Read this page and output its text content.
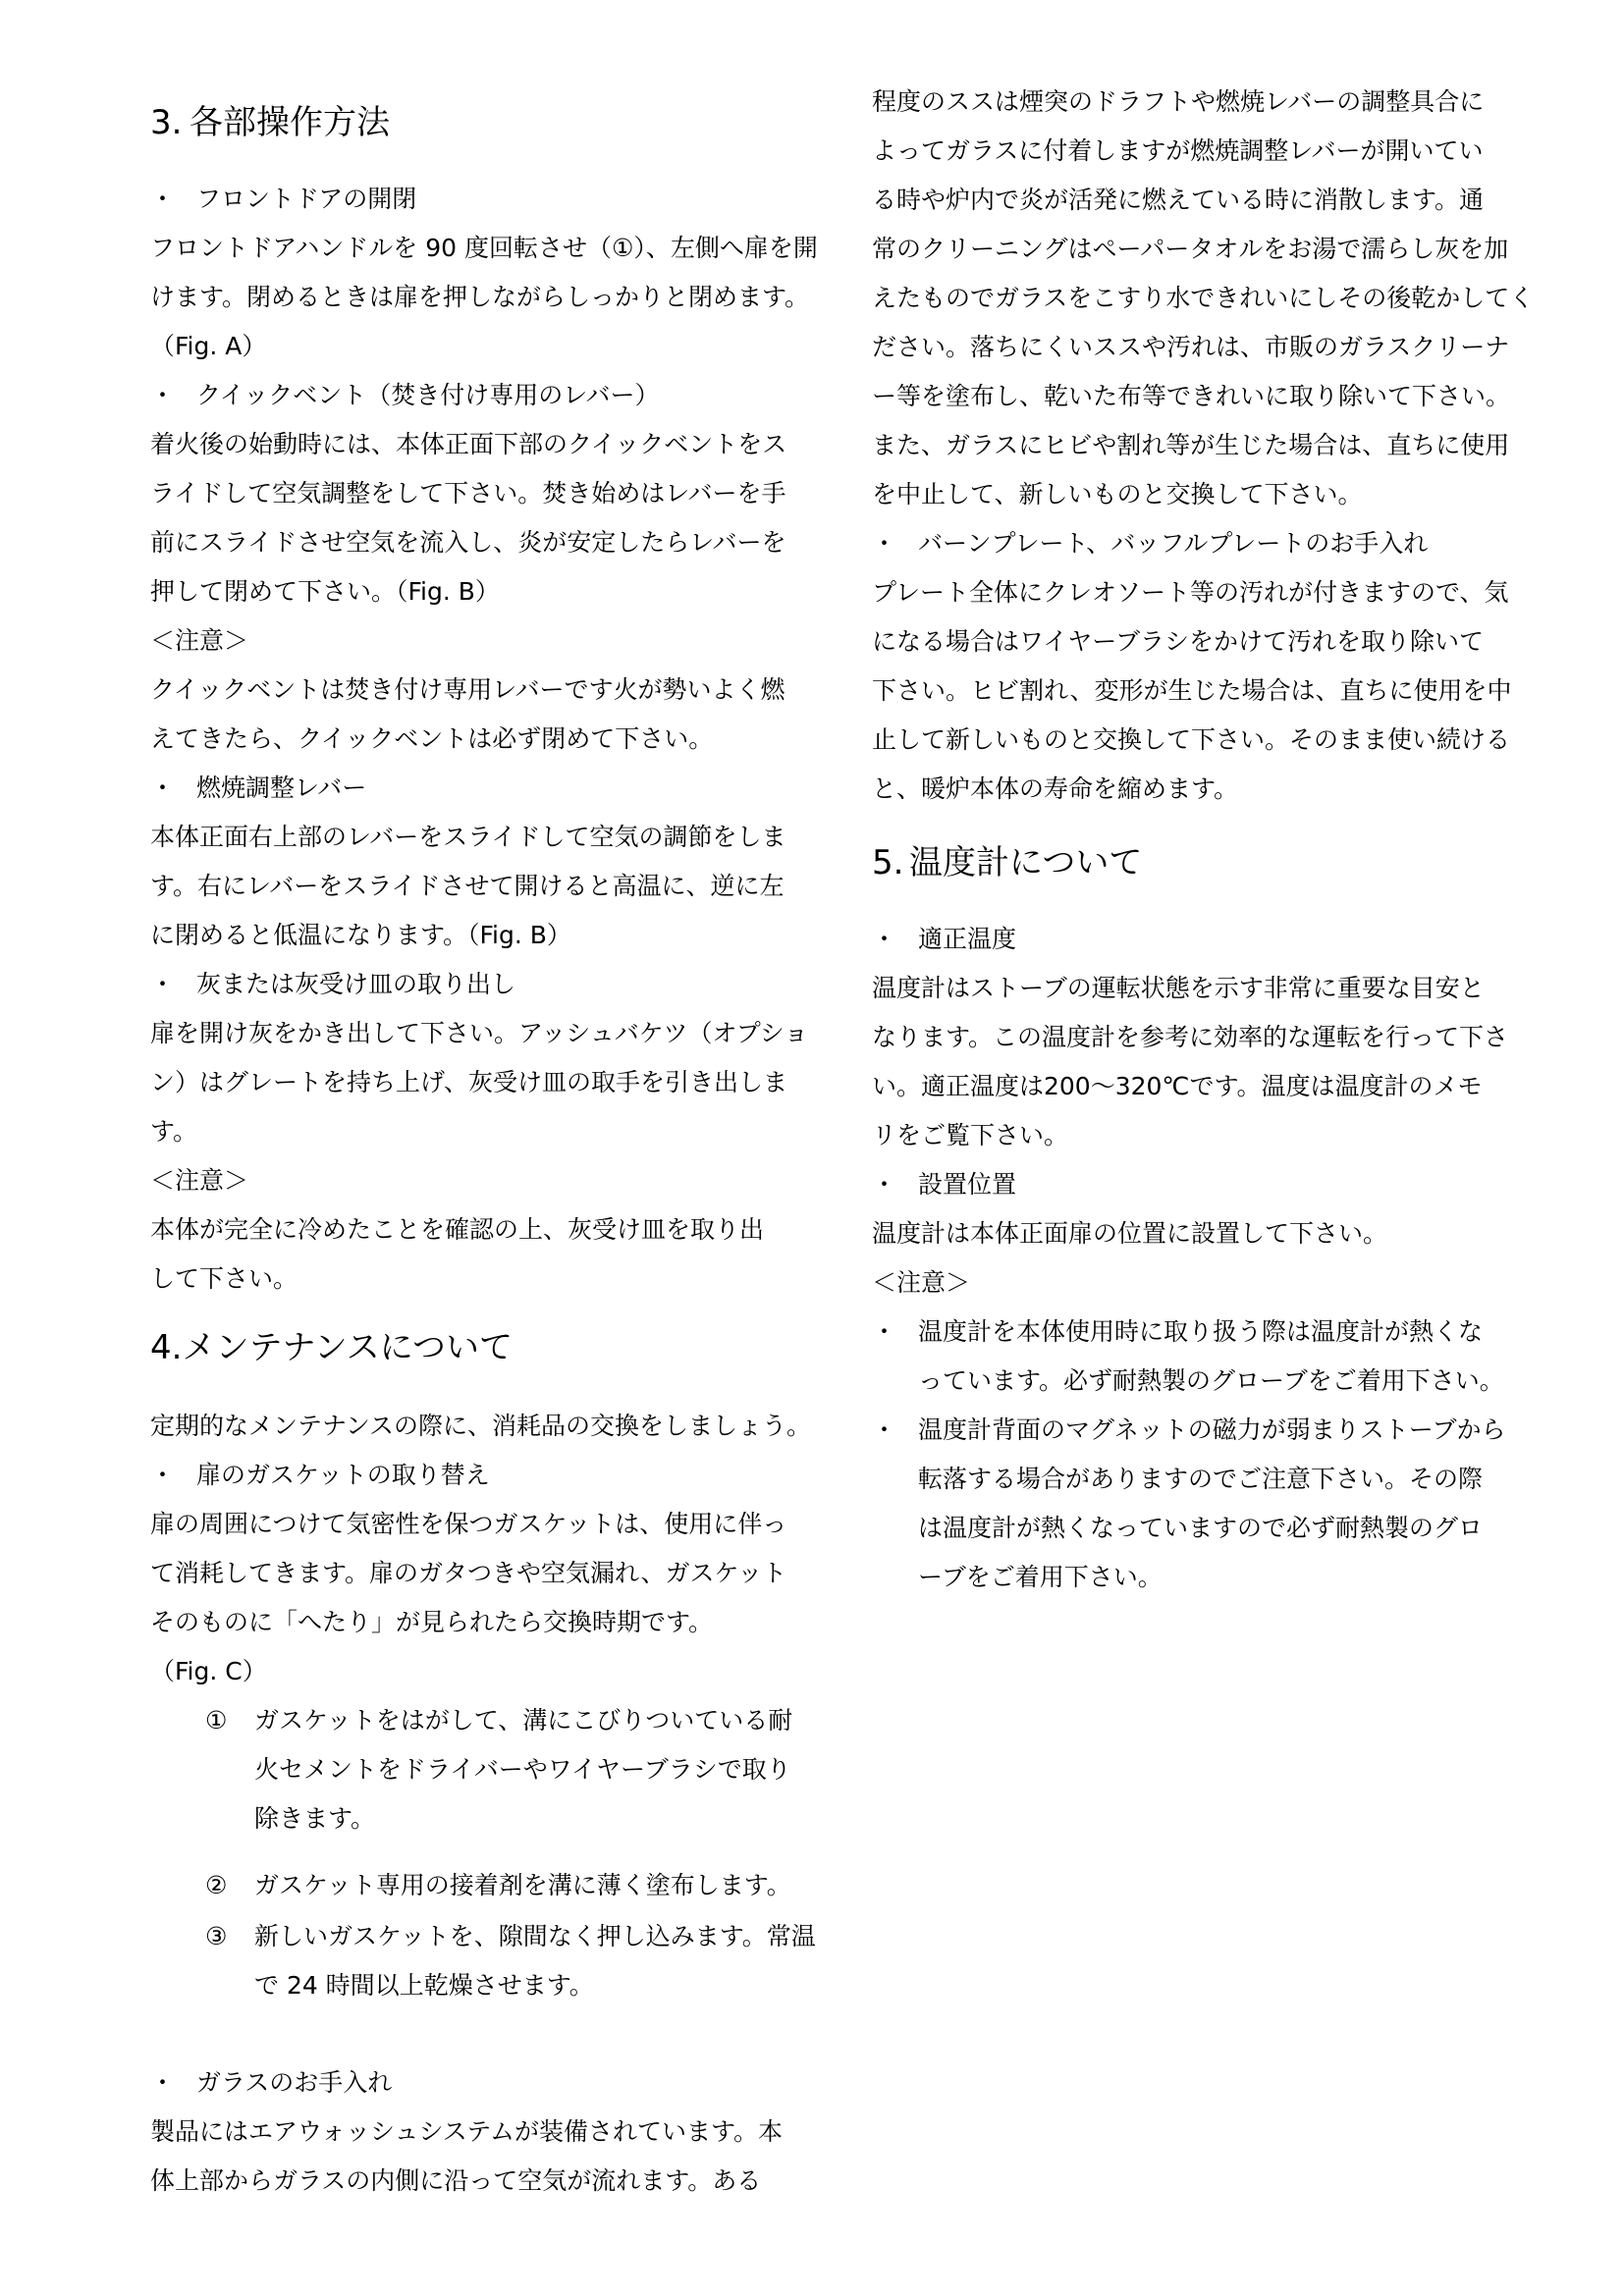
3. 各部操作方法
・ フロントドアの開閉
フロントドアハンドルを 90 度回転させ（①）、左側へ扉を開
けます。閉めるときは扉を押しながらしっかりと閉めます。
（Fig. A）
・ クイックベント（焚き付け専用のレバー）
着火後の始動時には、本体正面下部のクイックベントをス
ライドして空気調整をして下さい。焚き始めはレバーを手
前にスライドさせ空気を流入し、炎が安定したらレバーを
押して閉めて下さい。（Fig. B）
＜注意＞
クイックベントは焚き付け専用レバーです火が勢いよく燃
えてきたら、クイックベントは必ず閉めて下さい。
・ 燃焼調整レバー
本体正面右上部のレバーをスライドして空気の調節をしま
す。右にレバーをスライドさせて開けると高温に、逆に左
に閉めると低温になります。（Fig. B）
・ 灰または灰受け皿の取り出し
扉を開け灰をかき出して下さい。アッシュバケツ（オプショ
ン）はグレートを持ち上げ、灰受け皿の取手を引き出しま
す。
＜注意＞
本体が完全に冷めたことを確認の上、灰受け皿を取り出
して下さい。
4.メンテナンスについて
定期的なメンテナンスの際に、消耗品の交換をしましょう。
・ 扉のガスケットの取り替え
扉の周囲につけて気密性を保つガスケットは、使用に伴っ
て消耗してきます。扉のガタつきや空気漏れ、ガスケット
そのものに「へたり」が見られたら交換時期です。
（Fig. C）
① ガスケットをはがして、溝にこびりついている耐
火セメントをドライバーやワイヤーブラシで取り
除きます。
② ガスケット専用の接着剤を溝に薄く塗布します。
③ 新しいガスケットを、隙間なく押し込みます。常温
で 24 時間以上乾燥させます。
・ ガラスのお手入れ
製品にはエアウォッシュシステムが装備されています。本
体上部からガラスの内側に沿って空気が流れます。ある
程度のススは煙突のドラフトや燃焼レバーの調整具合に
よってガラスに付着しますが燃焼調整レバーが開いてい
る時や炉内で炎が活発に燃えている時に消散します。通
常のクリーニングはペーパータオルをお湯で濡らし灰を加
えたものでガラスをこすり水できれいにしその後乾かしてく
ださい。落ちにくいススや汚れは、市販のガラスクリーナ
ー等を塗布し、乾いた布等できれいに取り除いて下さい。
また、ガラスにヒビや割れ等が生じた場合は、直ちに使用
を中止して、新しいものと交換して下さい。
・ バーンプレート、バッフルプレートのお手入れ
プレート全体にクレオソート等の汚れが付きますので、気
になる場合はワイヤーブラシをかけて汚れを取り除いて
下さい。ヒビ割れ、変形が生じた場合は、直ちに使用を中
止して新しいものと交換して下さい。そのまま使い続ける
と、暖炉本体の寿命を縮めます。
5. 温度計について
・ 適正温度
温度計はストーブの運転状態を示す非常に重要な目安と
なります。この温度計を参考に効率的な運転を行って下さ
い。適正温度は200～320℃です。温度は温度計のメモ
リをご覧下さい。
・ 設置位置
温度計は本体正面扉の位置に設置して下さい。
＜注意＞
・ 温度計を本体使用時に取り扱う際は温度計が熱くな
っています。必ず耐熱製のグローブをご着用下さい。
・ 温度計背面のマグネットの磁力が弱まりストーブから
転落する場合がありますのでご注意下さい。その際
は温度計が熱くなっていますので必ず耐熱製のグロ
ーブをご着用下さい。
